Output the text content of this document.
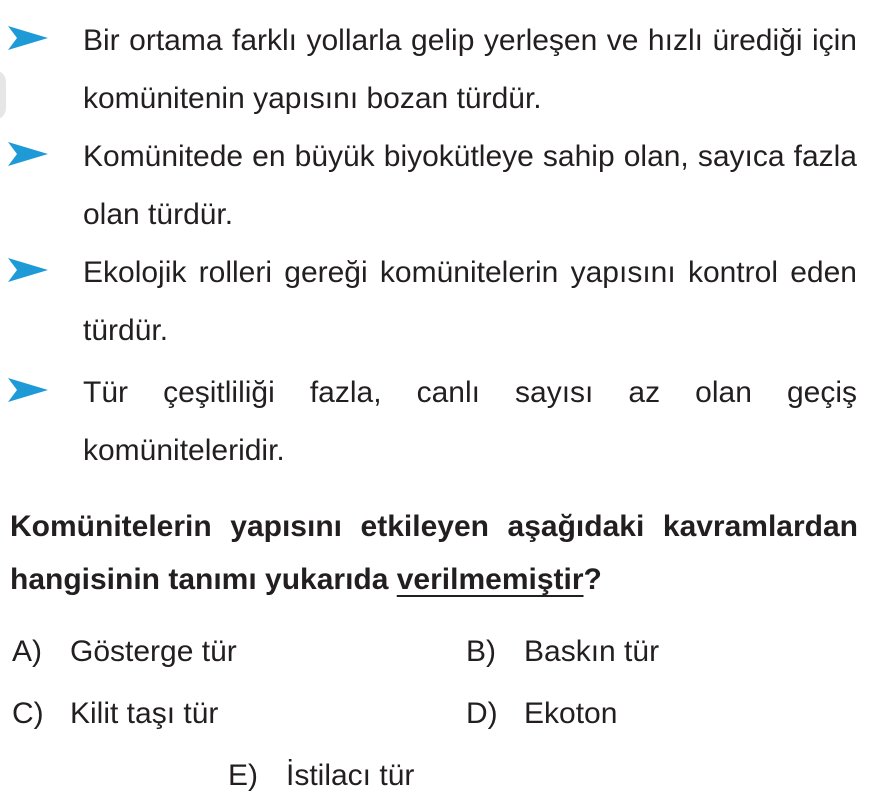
Bir ortama farklı yollarla gelip yerleşen ve hızlı ürediği için komünitenin yapısını bozan türdür.

Komünitede en büyük biyokütleye sahip olan, sayıca fazla olan türdür.

Ekolojik rolleri gereği komünitelerin yapısını kontrol eden türdür.

Tür çeşitliliği fazla, canlı sayısı az olan geçiş komüniteleridir.

Komünitelerin yapısını etkileyen aşağıdaki kavramlardan hangisinin tanımı yukarıda verilmemiştir?

A) Gösterge tür	B) Baskın tür
C) Kilit taşı tür	D) Ekoton
E) İstilacı tür
